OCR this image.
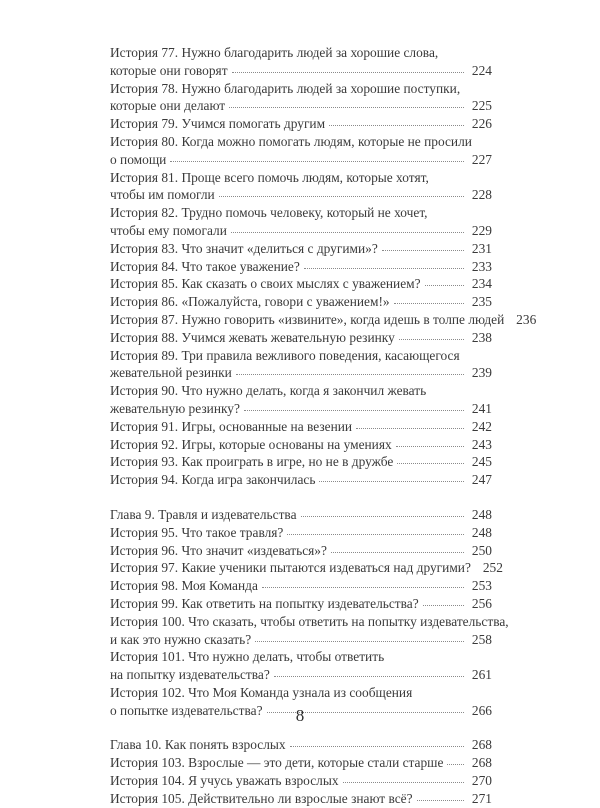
История 77. Нужно благодарить людей за хорошие слова,
которые они говорят	224
История 78. Нужно благодарить людей за хорошие поступки,
которые они делают	225
История 79. Учимся помогать другим	226
История 80. Когда можно помогать людям, которые не просили
о помощи	227
История 81. Проще всего помочь людям, которые хотят,
чтобы им помогли	228
История 82. Трудно помочь человеку, который не хочет,
чтобы ему помогали	229
История 83. Что значит «делиться с другими»?	231
История 84. Что такое уважение?	233
История 85. Как сказать о своих мыслях с уважением?	234
История 86. «Пожалуйста, говори с уважением!»	235
История 87. Нужно говорить «извините», когда идешь в толпе людей 236
История 88. Учимся жевать жевательную резинку	238
История 89. Три правила вежливого поведения, касающегося
жевательной резинки	239
История 90. Что нужно делать, когда я закончил жевать
жевательную резинку?	241
История 91. Игры, основанные на везении	242
История 92. Игры, которые основаны на умениях	243
История 93. Как проиграть в игре, но не в дружбе	245
История 94. Когда игра закончилась	247
Глава 9. Травля и издевательства	248
История 95. Что такое травля?	248
История 96. Что значит «издеваться»?	250
История 97. Какие ученики пытаются издеваться над другими? 252
История 98. Моя Команда	253
История 99. Как ответить на попытку издевательства?	256
История 100. Что сказать, чтобы ответить на попытку издевательства,
и как это нужно сказать?	258
История 101. Что нужно делать, чтобы ответить
на попытку издевательства?	261
История 102. Что Моя Команда узнала из сообщения
о попытке издевательства?	266
Глава 10. Как понять взрослых	268
История 103. Взрослые — это дети, которые стали старше 268
История 104. Я учусь уважать взрослых	270
История 105. Действительно ли взрослые знают всё?	271
8
